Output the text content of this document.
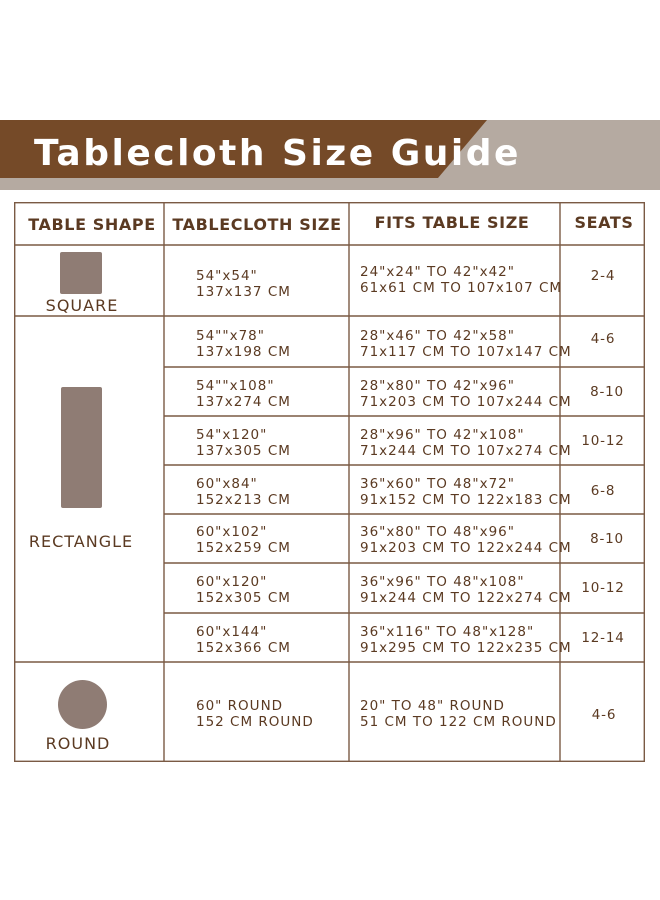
Tablecloth Size Guide
TABLE SHAPE TABLECLOTH SIZE FITS TABLE SIZE	SEATS
SQUARE
RECTANGLE
ROUND
54"x54"
137x137 CM
24"x24" TO 42"x42"
61x61 CM TO 107x107 CM
2-4
54""x78"
137x198 CM
28"x46" TO 42"x58"
71x117 CM TO 107x147 CM
4-6
54""x108"
137x274 CM
28"x80" TO 42"x96"
71x203 CM TO 107x244 CM
8-10
54"x120"
137x305 CM
28"x96" TO 42"x108"
71x244 CM TO 107x274 CM
10-12
60"x84"
152x213 CM
36"x60" TO 48"x72"
91x152 CM TO 122x183 CM
6-8
60"x102"
152x259 CM
36"x80" TO 48"x96"
91x203 CM TO 122x244 CM
8-10
60"x120"
152x305 CM
36"x96" TO 48"x108"
91x244 CM TO 122x274 CM
10-12
60"x144"
152x366 CM
36"x116" TO 48"x128"
91x295 CM TO 122x235 CM
12-14
60" ROUND
152 CM ROUND
20" TO 48" ROUND
51 CM TO 122 CM ROUND	4-6
